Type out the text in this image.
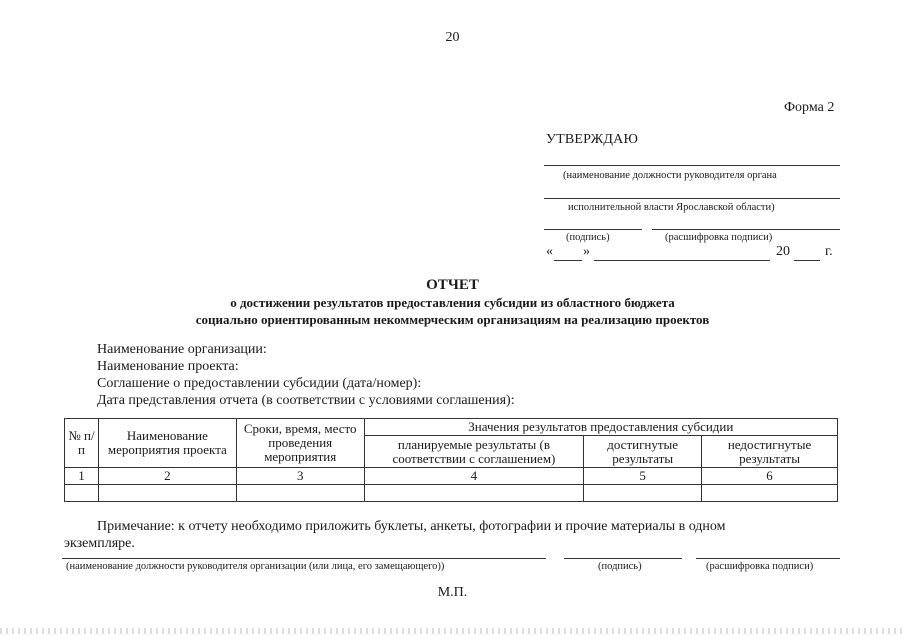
20
Форма 2
УТВЕРЖДАЮ
(наименование должности руководителя органа
исполнительной власти Ярославской области)
(подпись)	(расшифровка подписи)
« »	20	г.
ОТЧЕТ
о достижении результатов предоставления субсидии из областного бюджета
социально ориентированным некоммерческим организациям на реализацию проектов
Наименование организации:
Наименование проекта:
Соглашение о предоставлении субсидии (дата/номер):
Дата представления отчета (в соответствии с условиями соглашения):
№ п/п	Наименование мероприятия проекта	Сроки, время, место проведения мероприятия	Значения результатов предоставления субсидии		
			планируемые результаты (в соответствии с соглашением)	достигнутые результаты	недостигнутые результаты
1	2	3	4	5	6

Примечание: к отчету необходимо приложить буклеты, анкеты, фотографии и прочие материалы в одном
экземпляре.
(наименование должности руководителя организации (или лица, его замещающего))	(подпись)	(расшифровка подписи)
М.П.
